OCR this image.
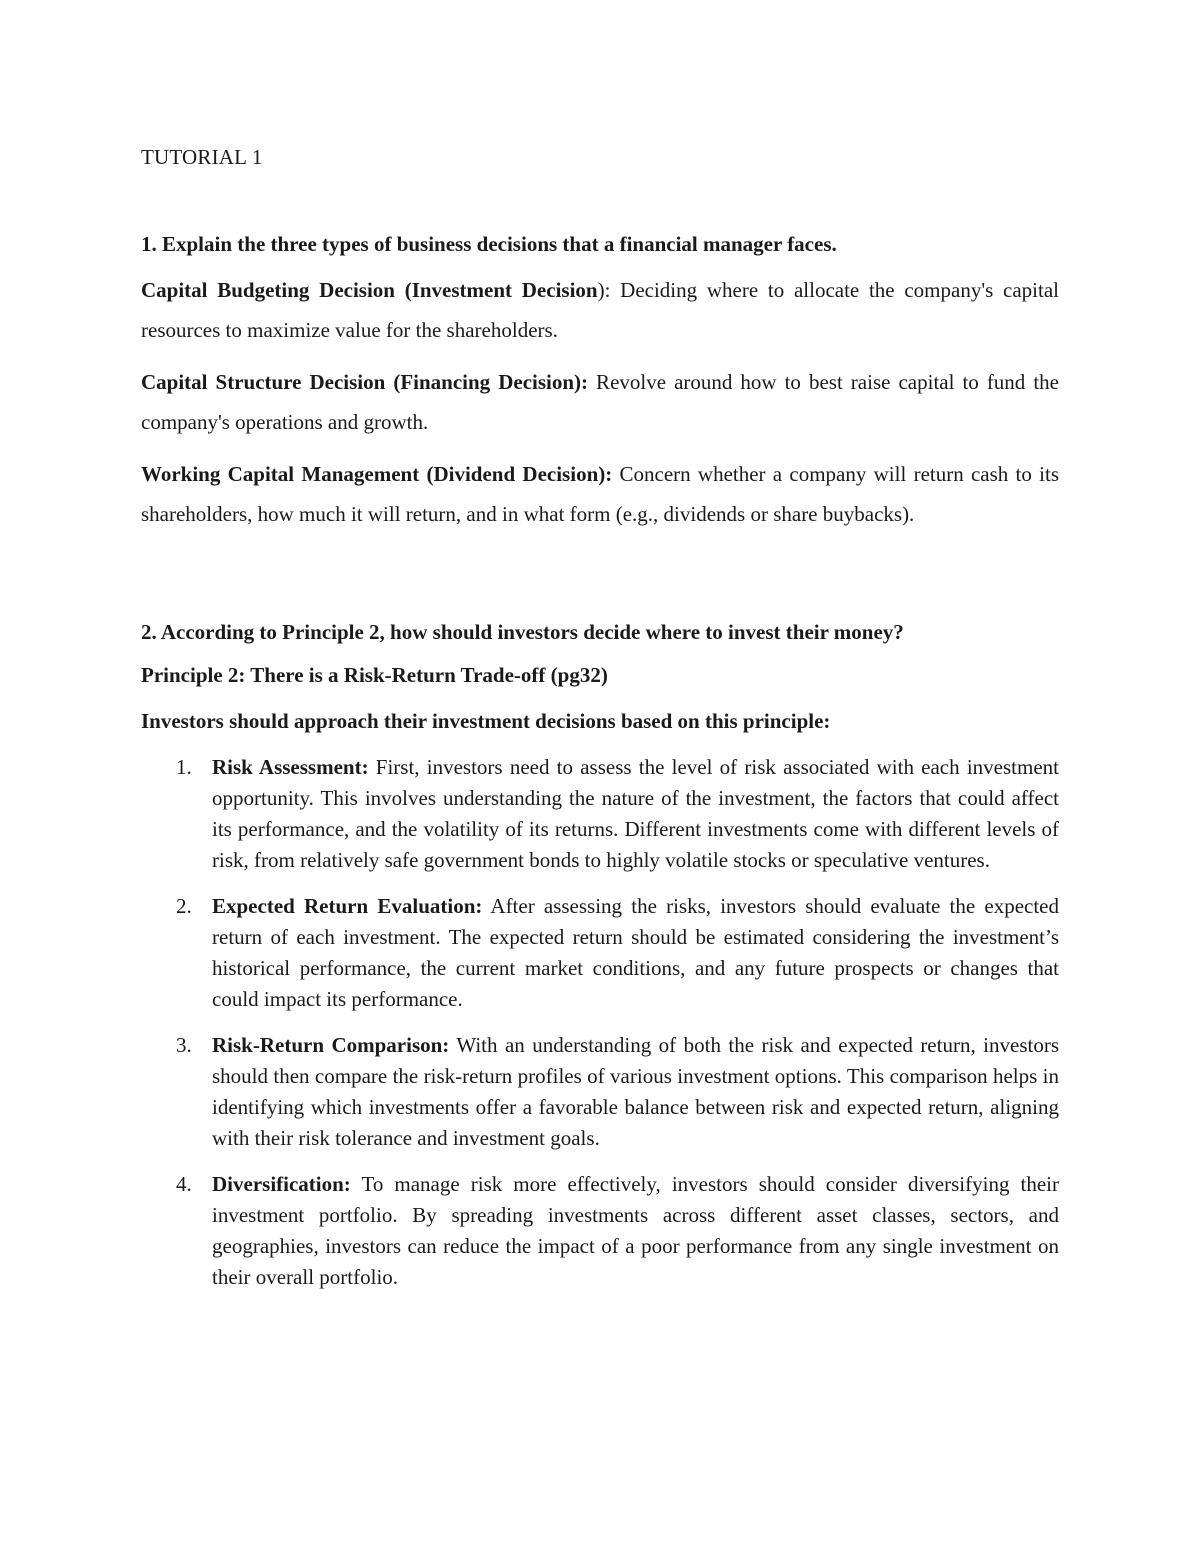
TUTORIAL 1

1. Explain the three types of business decisions that a financial manager faces.

Capital Budgeting Decision (Investment Decision): Deciding where to allocate the company's capital resources to maximize value for the shareholders.

Capital Structure Decision (Financing Decision): Revolve around how to best raise capital to fund the company's operations and growth.

Working Capital Management (Dividend Decision): Concern whether a company will return cash to its shareholders, how much it will return, and in what form (e.g., dividends or share buybacks).

2. According to Principle 2, how should investors decide where to invest their money?

Principle 2: There is a Risk-Return Trade-off (pg32)

Investors should approach their investment decisions based on this principle:

1. Risk Assessment: First, investors need to assess the level of risk associated with each investment opportunity. This involves understanding the nature of the investment, the factors that could affect its performance, and the volatility of its returns. Different investments come with different levels of risk, from relatively safe government bonds to highly volatile stocks or speculative ventures.
2. Expected Return Evaluation: After assessing the risks, investors should evaluate the expected return of each investment. The expected return should be estimated considering the investment’s historical performance, the current market conditions, and any future prospects or changes that could impact its performance.
3. Risk-Return Comparison: With an understanding of both the risk and expected return, investors should then compare the risk-return profiles of various investment options. This comparison helps in identifying which investments offer a favorable balance between risk and expected return, aligning with their risk tolerance and investment goals.
4. Diversification: To manage risk more effectively, investors should consider diversifying their investment portfolio. By spreading investments across different asset classes, sectors, and geographies, investors can reduce the impact of a poor performance from any single investment on their overall portfolio.
